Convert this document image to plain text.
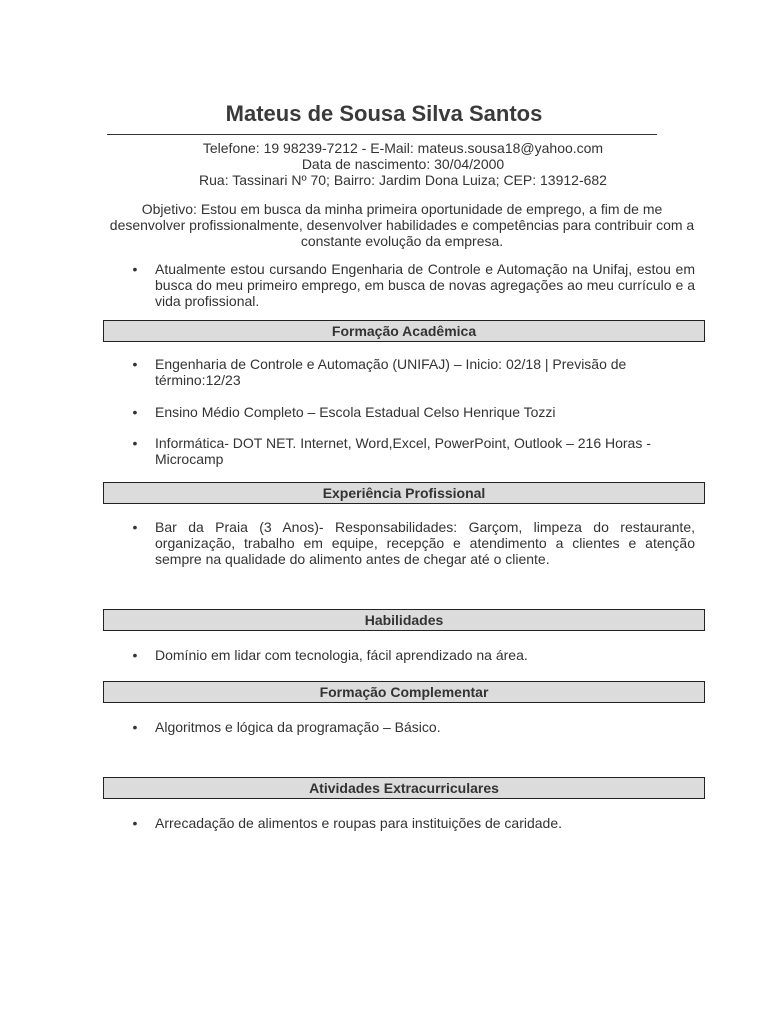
Mateus de Sousa Silva Santos
Telefone: 19 98239-7212 - E-Mail: mateus.sousa18@yahoo.com
Data de nascimento: 30/04/2000
Rua: Tassinari Nº 70; Bairro: Jardim Dona Luiza; CEP: 13912-682
Objetivo: Estou em busca da minha primeira oportunidade de emprego, a fim de me desenvolver profissionalmente, desenvolver habilidades e competências para contribuir com a constante evolução da empresa.
• Atualmente estou cursando Engenharia de Controle e Automação na Unifaj, estou em busca do meu primeiro emprego, em busca de novas agregações ao meu currículo e a vida profissional.
Formação Acadêmica
• Engenharia de Controle e Automação (UNIFAJ) – Inicio: 02/18 | Previsão de término:12/23
• Ensino Médio Completo – Escola Estadual Celso Henrique Tozzi
• Informática- DOT NET. Internet, Word,Excel, PowerPoint, Outlook – 216 Horas - Microcamp
Experiência Profissional
• Bar da Praia (3 Anos)- Responsabilidades: Garçom, limpeza do restaurante, organização, trabalho em equipe, recepção e atendimento a clientes e atenção sempre na qualidade do alimento antes de chegar até o cliente.
Habilidades
• Domínio em lidar com tecnologia, fácil aprendizado na área.
Formação Complementar
• Algoritmos e lógica da programação – Básico.
Atividades Extracurriculares
• Arrecadação de alimentos e roupas para instituições de caridade.
